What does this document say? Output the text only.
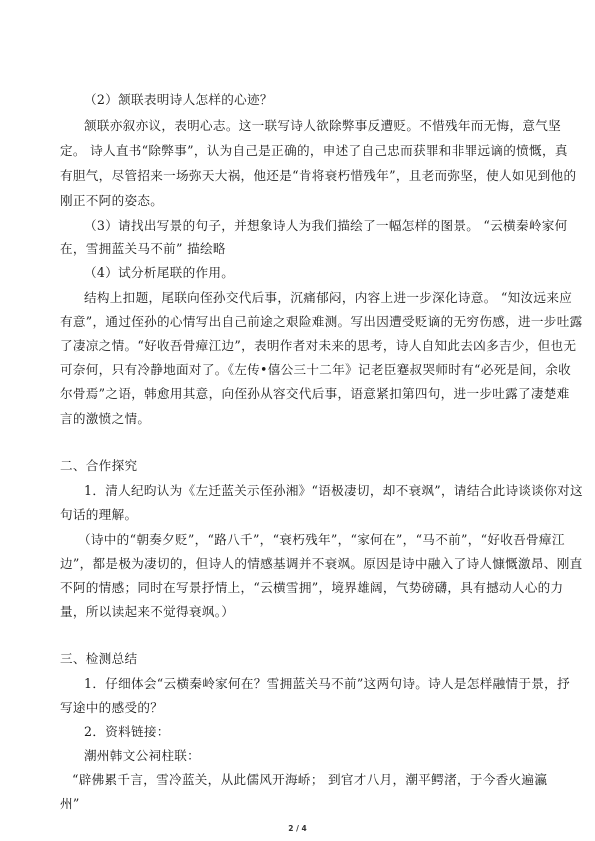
（2）颔联表明诗人怎样的心迹？
颔联亦叙亦议，表明心志。这一联写诗人欲除弊事反遭贬。不惜残年而无悔，意气坚
定。 诗人直书“除弊事”，认为自己是正确的，申述了自己忠而获罪和非罪远谪的愤慨，真
有胆气，尽管招来一场弥天大祸，他还是“肯将衰朽惜残年”，且老而弥坚，使人如见到他的
刚正不阿的姿态。
（3）请找出写景的句子，并想象诗人为我们描绘了一幅怎样的图景。 “云横秦岭家何
在，雪拥蓝关马不前” 描绘略
（4）试分析尾联的作用。
结构上扣题，尾联向侄孙交代后事，沉痛郁闷，内容上进一步深化诗意。 “知汝远来应
有意”，通过侄孙的心情写出自己前途之艰险难测。写出因遭受贬谪的无穷伤感，进一步吐露
了凄凉之情。“好收吾骨瘴江边”，表明作者对未来的思考，诗人自知此去凶多吉少，但也无
可奈何，只有冷静地面对了。《左传•僖公三十二年》记老臣蹇叔哭师时有“必死是间，余收
尔骨焉”之语，韩愈用其意，向侄孙从容交代后事，语意紧扣第四句，进一步吐露了凄楚难
言的激愤之情。
二、合作探究
1．清人纪昀认为《左迁蓝关示侄孙湘》“语极凄切，却不衰飒”，请结合此诗谈谈你对这
句话的理解。
（诗中的“朝奏夕贬”，“路八千”，“衰朽残年”，“家何在”，“马不前”，“好收吾骨瘴江
边”，都是极为凄切的，但诗人的情感基调并不衰飒。原因是诗中融入了诗人慷慨激昂、刚直
不阿的情感；同时在写景抒情上，“云横雪拥”，境界雄阔，气势磅礴，具有撼动人心的力
量，所以读起来不觉得衰飒。）
三、检测总结
1．仔细体会“云横秦岭家何在？雪拥蓝关马不前”这两句诗。诗人是怎样融情于景，抒
写途中的感受的？
2．资料链接：
潮州韩文公祠柱联：
“辟佛累千言，雪冷蓝关，从此儒风开海峤； 到官才八月，潮平鳄渚，于今香火遍瀛
州”
2 / 4
